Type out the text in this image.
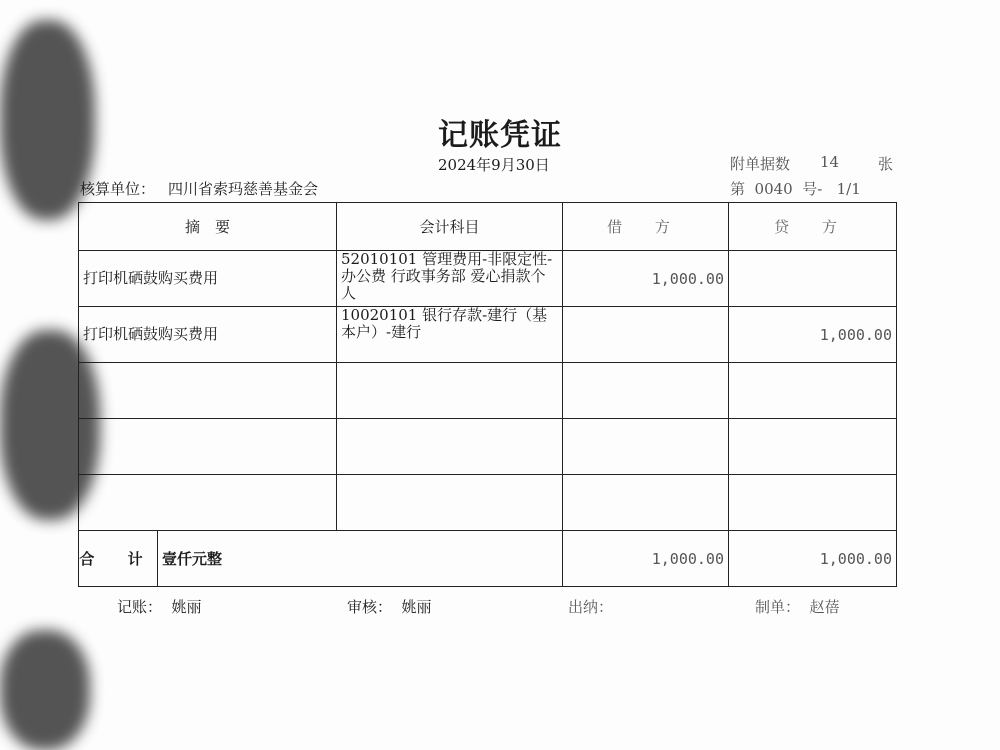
记账凭证
2024年9月30日
核算单位： 四川省索玛慈善基金会
附单据数 14	张
第  0040  号-   1/1
摘　要	会计科目	借 方	贷 方
打印机硒鼓购买费用	52010101 管理费用-非限定性-办公费 行政事务部 爱心捐款个人	1,000.00	
打印机硒鼓购买费用	10020101 银行存款-建行（基本户）-建行		1,000.00

合 计 壹仟元整		1,000.00	1,000.00
记账：  姚丽	审核：  姚丽	出纳：	制单：  赵蓓
